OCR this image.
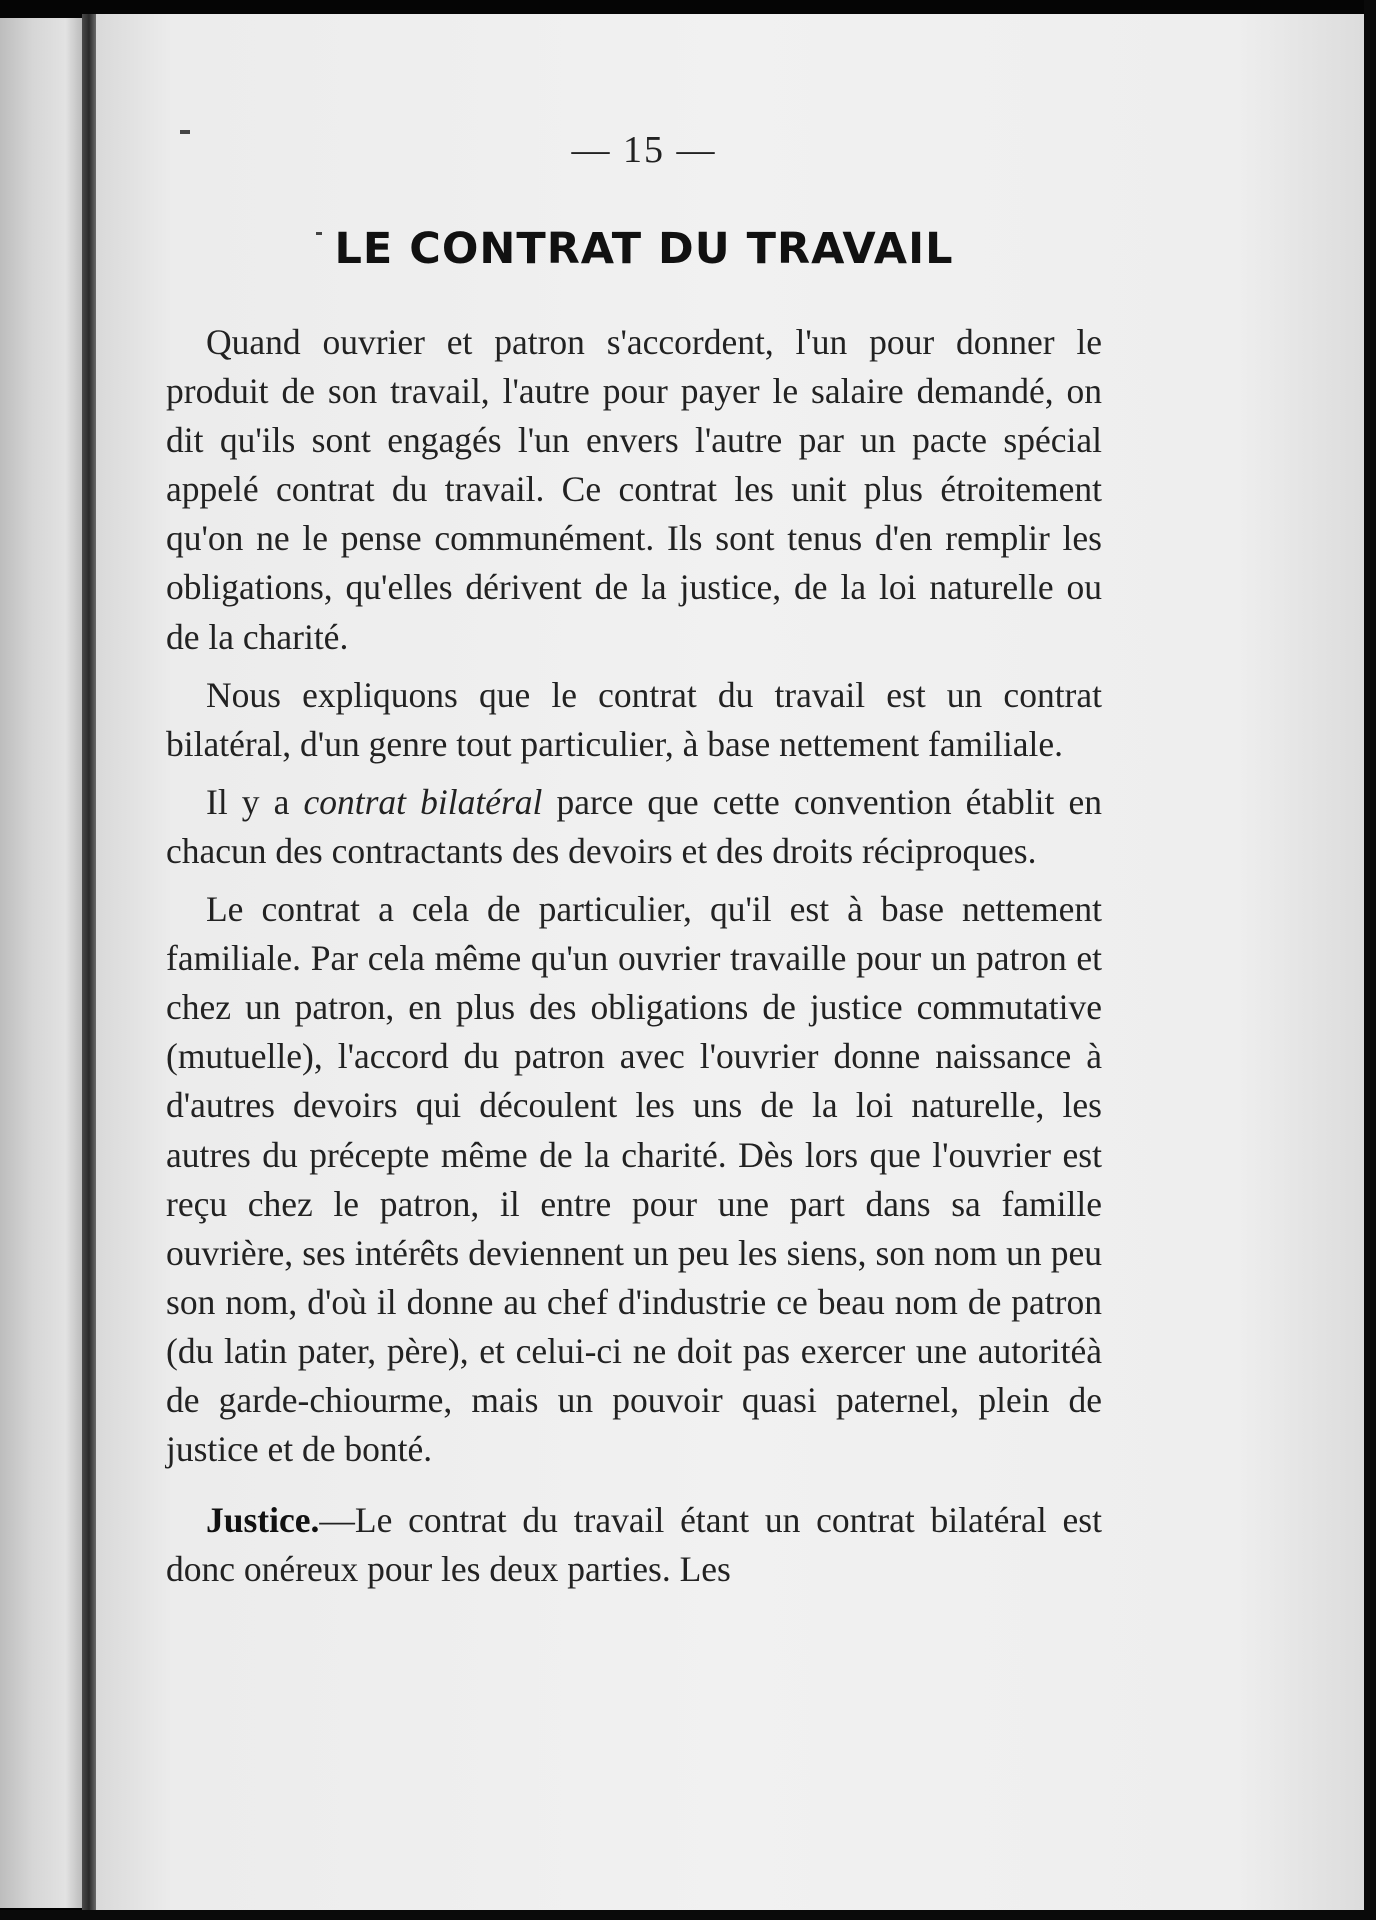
— 15 —
LE CONTRAT DU TRAVAIL

Quand ouvrier et patron s'accordent, l'un pour donner le produit de son travail, l'autre pour payer le salaire demandé, on dit qu'ils sont engagés l'un envers l'autre par un pacte spécial appelé contrat du travail. Ce contrat les unit plus étroitement qu'on ne le pense communément. Ils sont tenus d'en remplir les obligations, qu'elles dérivent de la justice, de la loi naturelle ou de la charité.

Nous expliquons que le contrat du travail est un contrat bilatéral, d'un genre tout particulier, à base nettement familiale.

Il y a contrat bilatéral parce que cette convention établit en chacun des contractants des devoirs et des droits réciproques.

Le contrat a cela de particulier, qu'il est à base nettement familiale. Par cela même qu'un ouvrier travaille pour un patron et chez un patron, en plus des obligations de justice commutative (mutuelle), l'accord du patron avec l'ouvrier donne naissance à d'autres devoirs qui découlent les uns de la loi naturelle, les autres du précepte même de la charité. Dès lors que l'ouvrier est reçu chez le patron, il entre pour une part dans sa famille ouvrière, ses intérêts deviennent un peu les siens, son nom un peu son nom, d'où il donne au chef d'industrie ce beau nom de patron (du latin pater, père), et celui-ci ne doit pas exercer une autoritéà de garde-chiourme, mais un pouvoir quasi paternel, plein de justice et de bonté.

Justice.—Le contrat du travail étant un contrat bilatéral est donc onéreux pour les deux parties. Les
